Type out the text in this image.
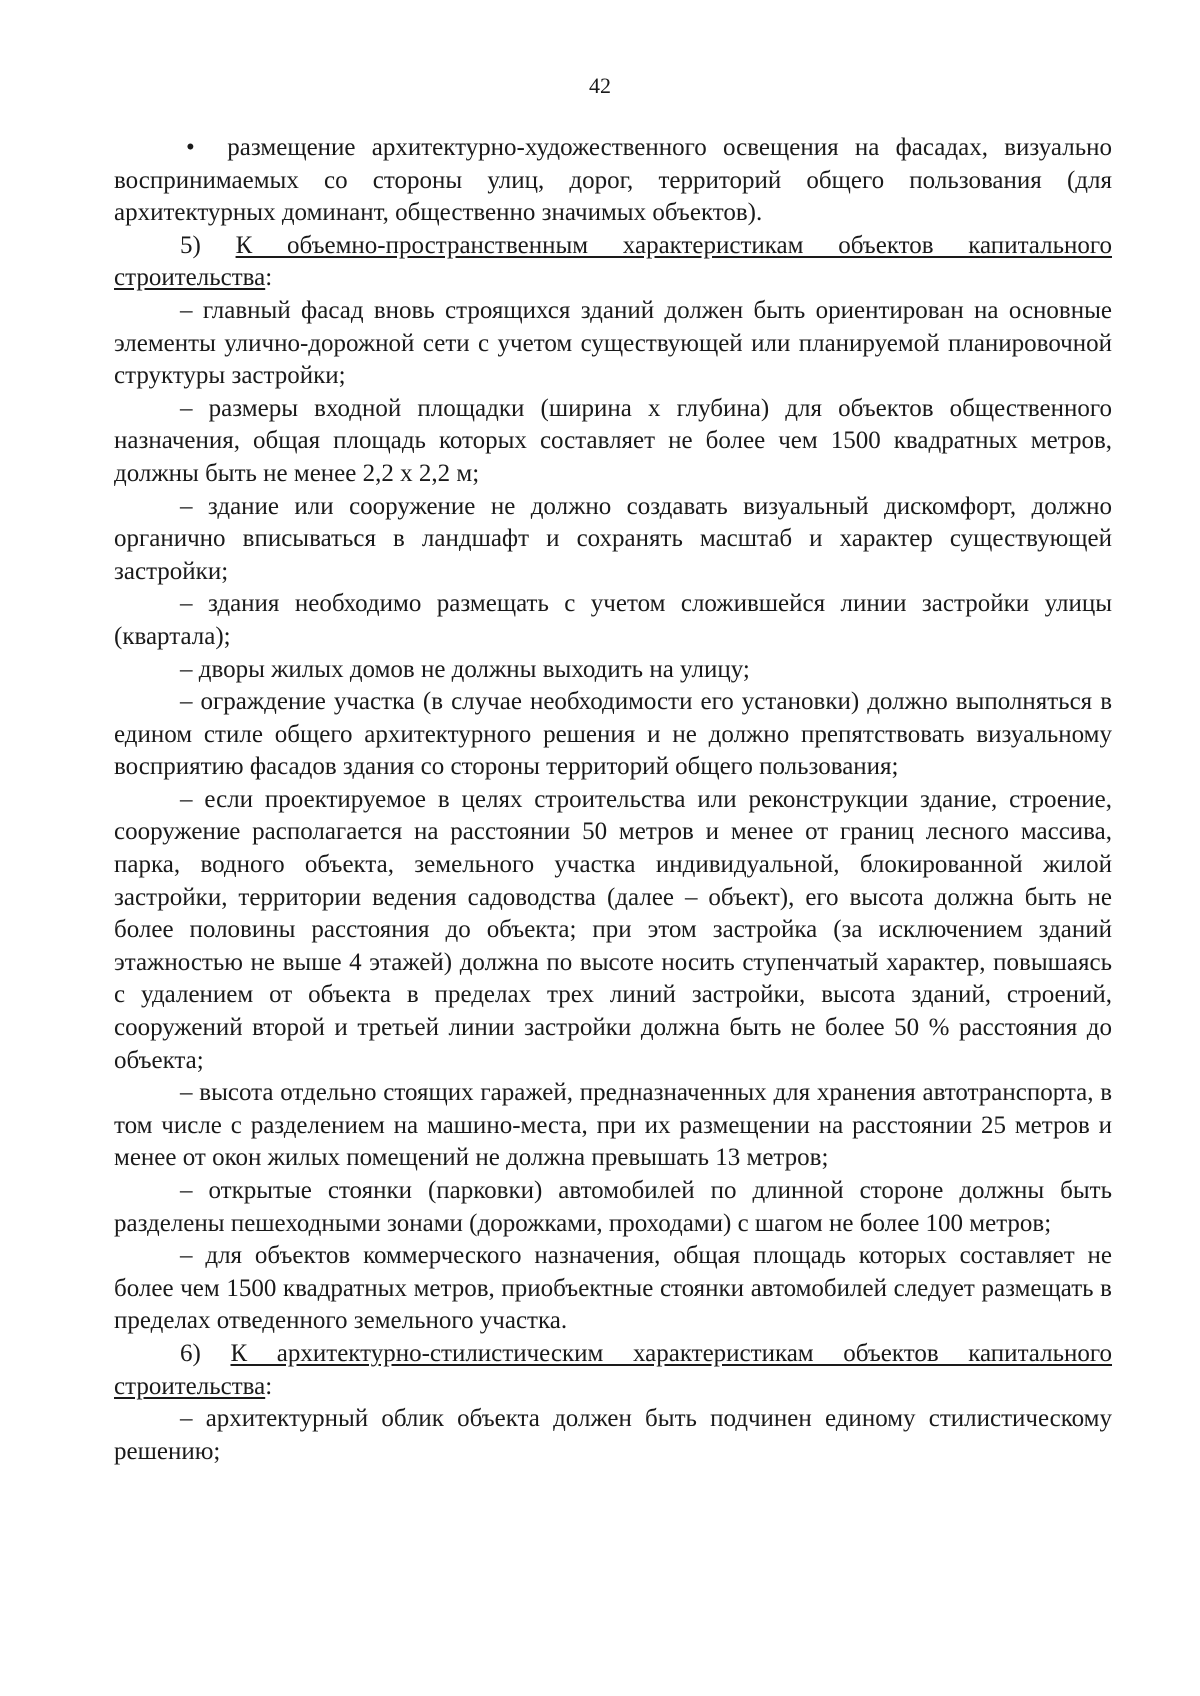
42

• размещение архитектурно-художественного освещения на фасадах, визуально воспринимаемых со стороны улиц, дорог, территорий общего пользования (для архитектурных доминант, общественно значимых объектов).

5) К объемно-пространственным характеристикам объектов капитального строительства:

– главный фасад вновь строящихся зданий должен быть ориентирован на основные элементы улично-дорожной сети с учетом существующей или планируемой планировочной структуры застройки;

– размеры входной площадки (ширина х глубина) для объектов общественного назначения, общая площадь которых составляет не более чем 1500 квадратных метров, должны быть не менее 2,2 х 2,2 м;

– здание или сооружение не должно создавать визуальный дискомфорт, должно органично вписываться в ландшафт и сохранять масштаб и характер существующей застройки;

– здания необходимо размещать с учетом сложившейся линии застройки улицы (квартала);

– дворы жилых домов не должны выходить на улицу;

– ограждение участка (в случае необходимости его установки) должно выполняться в едином стиле общего архитектурного решения и не должно препятствовать визуальному восприятию фасадов здания со стороны территорий общего пользования;

– если проектируемое в целях строительства или реконструкции здание, строение, сооружение располагается на расстоянии 50 метров и менее от границ лесного массива, парка, водного объекта, земельного участка индивидуальной, блокированной жилой застройки, территории ведения садоводства (далее – объект), его высота должна быть не более половины расстояния до объекта; при этом застройка (за исключением зданий этажностью не выше 4 этажей) должна по высоте носить ступенчатый характер, повышаясь с удалением от объекта в пределах трех линий застройки, высота зданий, строений, сооружений второй и третьей линии застройки должна быть не более 50 % расстояния до объекта;

– высота отдельно стоящих гаражей, предназначенных для хранения автотранспорта, в том числе с разделением на машино-места, при их размещении на расстоянии 25 метров и менее от окон жилых помещений не должна превышать 13 метров;

– открытые стоянки (парковки) автомобилей по длинной стороне должны быть разделены пешеходными зонами (дорожками, проходами) с шагом не более 100 метров;

– для объектов коммерческого назначения, общая площадь которых составляет не более чем 1500 квадратных метров, приобъектные стоянки автомобилей следует размещать в пределах отведенного земельного участка.

6) К архитектурно-стилистическим характеристикам объектов капитального строительства:

– архитектурный облик объекта должен быть подчинен единому стилистическому решению;
